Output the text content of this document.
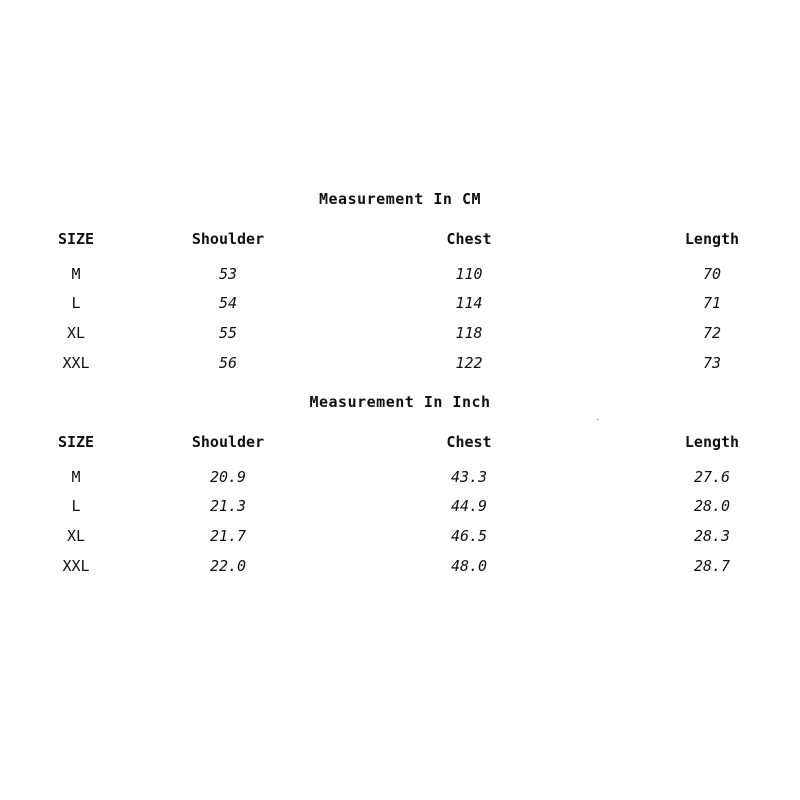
Measurement In CM
SIZE	Shoulder	Chest	Length
M	53	110	70
L	54	114	71
XL	55	118	72
XXL	56	122	73
Measurement In Inch
SIZE	Shoulder	Chest	Length
M	20.9	43.3	27.6
L	21.3	44.9	28.0
XL	21.7	46.5	28.3
XXL	22.0	48.0	28.7
